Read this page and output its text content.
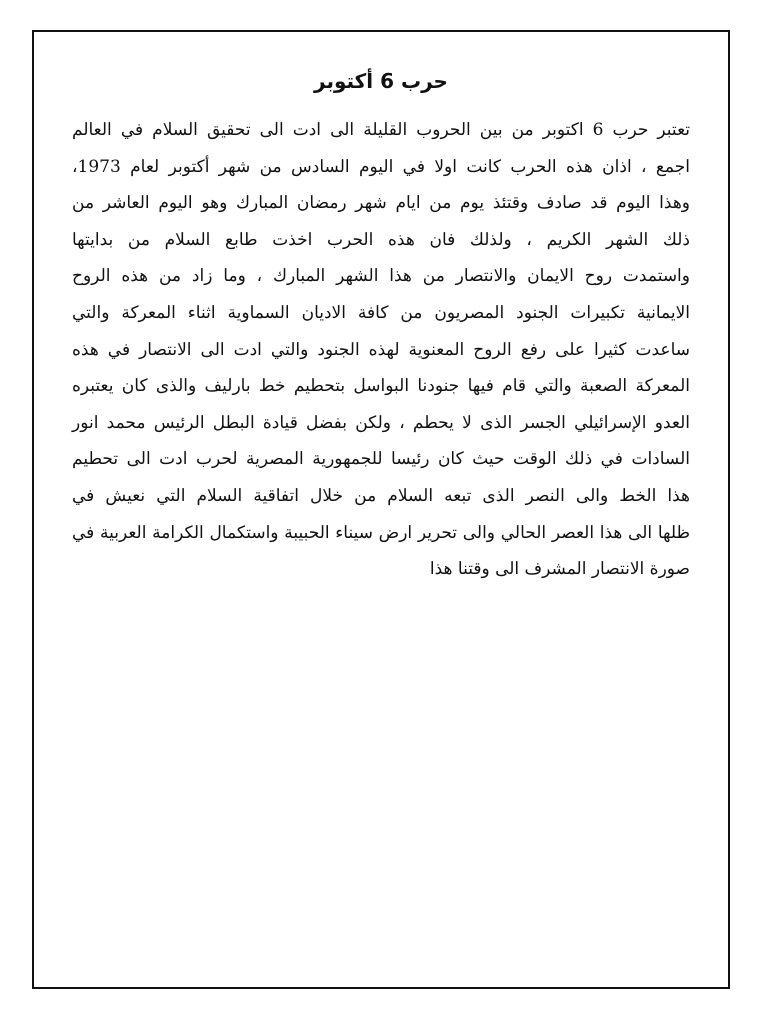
حرب 6 أكتوبر
تعتبر حرب 6 اكتوبر من بين الحروب القليلة الى ادت الى تحقيق السلام في العالم
اجمع ، اذان هذه الحرب كانت اولا في اليوم السادس من شهر أكتوبر لعام 1973،
وهذا اليوم قد صادف وقتئذ يوم من ايام شهر رمضان المبارك وهو اليوم العاشر من
ذلك الشهر الكريم ، ولذلك فان هذه الحرب اخذت طابع السلام من بدايتها
واستمدت روح الايمان والانتصار من هذا الشهر المبارك ، وما زاد من هذه الروح
الايمانية تكبيرات الجنود المصريون من كافة الاديان السماوية اثناء المعركة والتي
ساعدت كثيرا على رفع الروح المعنوية لهذه الجنود والتي ادت الى الانتصار في هذه
المعركة الصعبة والتي قام فيها جنودنا البواسل بتحطيم خط بارليف والذى كان يعتبره
العدو الإسرائيلي الجسر الذى لا يحطم ، ولكن بفضل قيادة البطل الرئيس محمد انور
السادات في ذلك الوقت حيث كان رئيسا للجمهورية المصرية لحرب ادت الى تحطيم
هذا الخط والى النصر الذى تبعه السلام من خلال اتفاقية السلام التي نعيش في
ظلها الى هذا العصر الحالي والى تحرير ارض سيناء الحبيبة واستكمال الكرامة العربية في
صورة الانتصار المشرف الى وقتنا هذا
